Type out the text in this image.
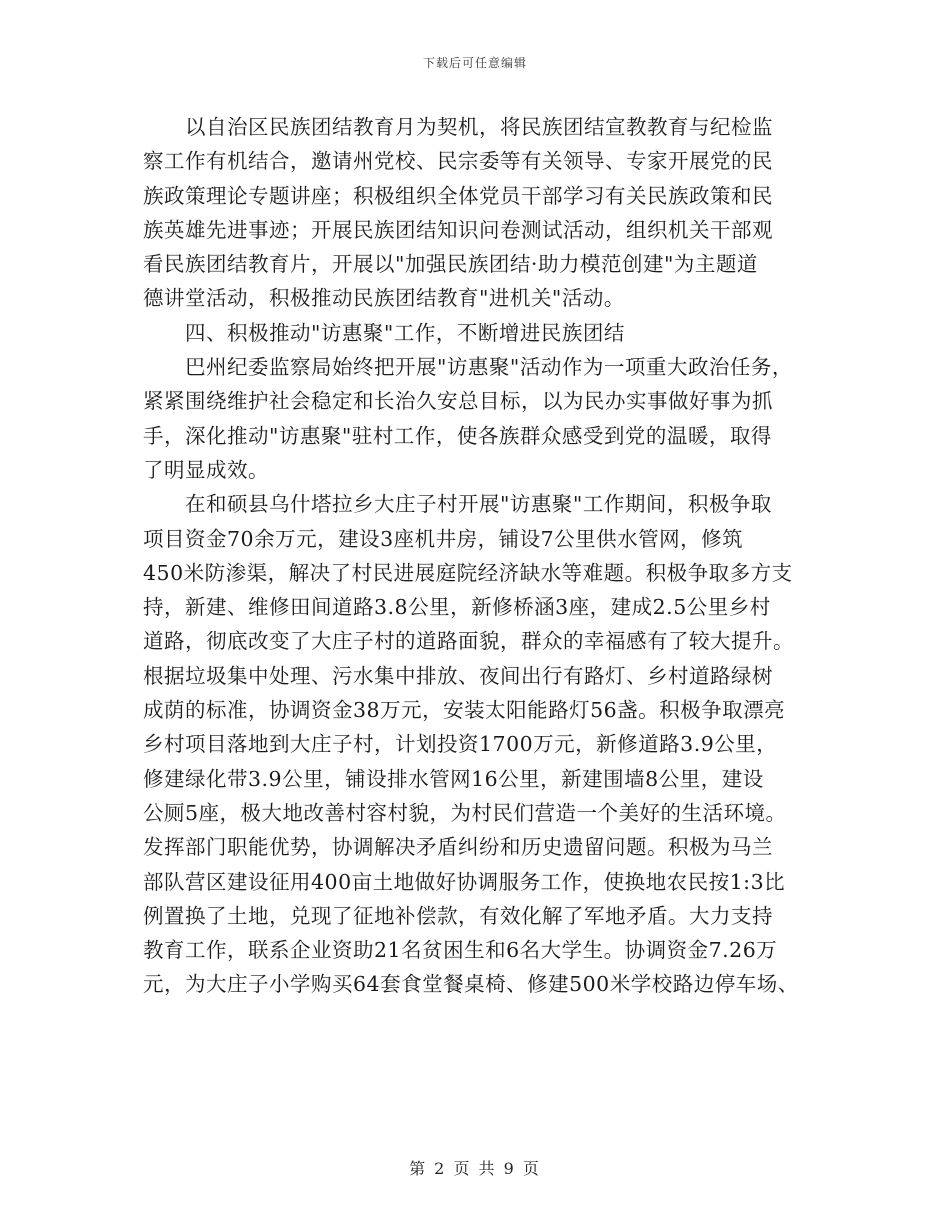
下载后可任意编辑
以自治区民族团结教育月为契机，将民族团结宣教教育与纪检监
察工作有机结合，邀请州党校、民宗委等有关领导、专家开展党的民
族政策理论专题讲座；积极组织全体党员干部学习有关民族政策和民
族英雄先进事迹；开展民族团结知识问卷测试活动，组织机关干部观
看民族团结教育片，开展以"加强民族团结·助力模范创建"为主题道
德讲堂活动，积极推动民族团结教育"进机关"活动。
四、积极推动"访惠聚"工作，不断增进民族团结
巴州纪委监察局始终把开展"访惠聚"活动作为一项重大政治任务，
紧紧围绕维护社会稳定和长治久安总目标，以为民办实事做好事为抓
手，深化推动"访惠聚"驻村工作，使各族群众感受到党的温暖，取得
了明显成效。
在和硕县乌什塔拉乡大庄子村开展"访惠聚"工作期间，积极争取
项目资金70余万元，建设3座机井房，铺设7公里供水管网，修筑
450米防渗渠，解决了村民进展庭院经济缺水等难题。积极争取多方支
持，新建、维修田间道路3.8公里，新修桥涵3座，建成2.5公里乡村
道路，彻底改变了大庄子村的道路面貌，群众的幸福感有了较大提升。
根据垃圾集中处理、污水集中排放、夜间出行有路灯、乡村道路绿树
成荫的标准，协调资金38万元，安装太阳能路灯56盏。积极争取漂亮
乡村项目落地到大庄子村，计划投资1700万元，新修道路3.9公里，
修建绿化带3.9公里，铺设排水管网16公里，新建围墙8公里，建设
公厕5座，极大地改善村容村貌，为村民们营造一个美好的生活环境。
发挥部门职能优势，协调解决矛盾纠纷和历史遗留问题。积极为马兰
部队营区建设征用400亩土地做好协调服务工作，使换地农民按1:3比
例置换了土地，兑现了征地补偿款，有效化解了军地矛盾。大力支持
教育工作，联系企业资助21名贫困生和6名大学生。协调资金7.26万
元，为大庄子小学购买64套食堂餐桌椅、修建500米学校路边停车场、
第 2 页 共 9 页
